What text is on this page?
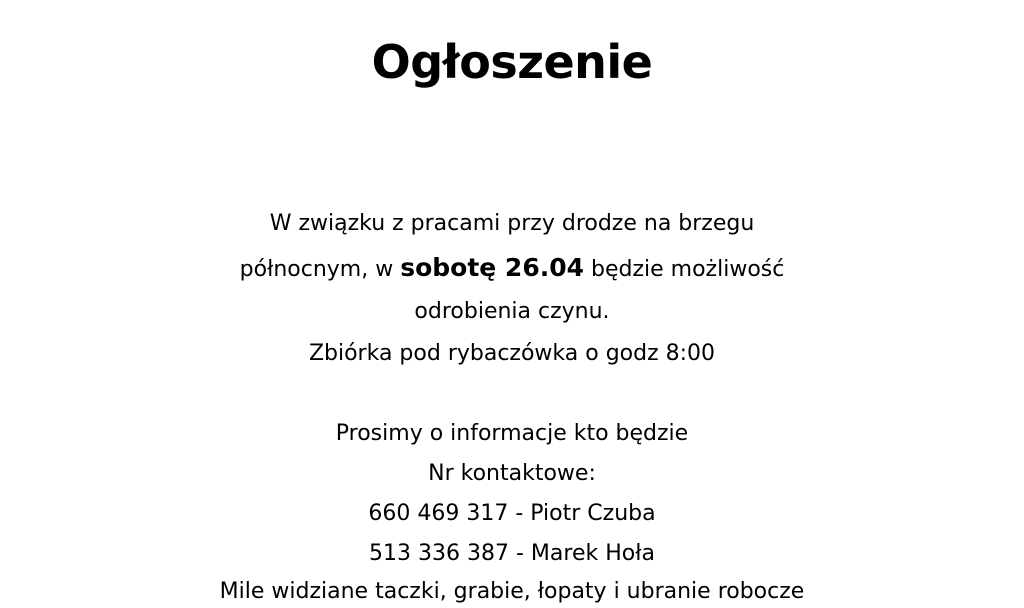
Ogłoszenie
W związku z pracami przy drodze na brzegu
północnym, w sobotę 26.04 będzie możliwość
odrobienia czynu.
Zbiórka pod rybaczówka o godz 8:00
Prosimy o informacje kto będzie
Nr kontaktowe:
660 469 317 - Piotr Czuba
513 336 387 - Marek Hoła
Mile widziane taczki, grabie, łopaty i ubranie robocze
